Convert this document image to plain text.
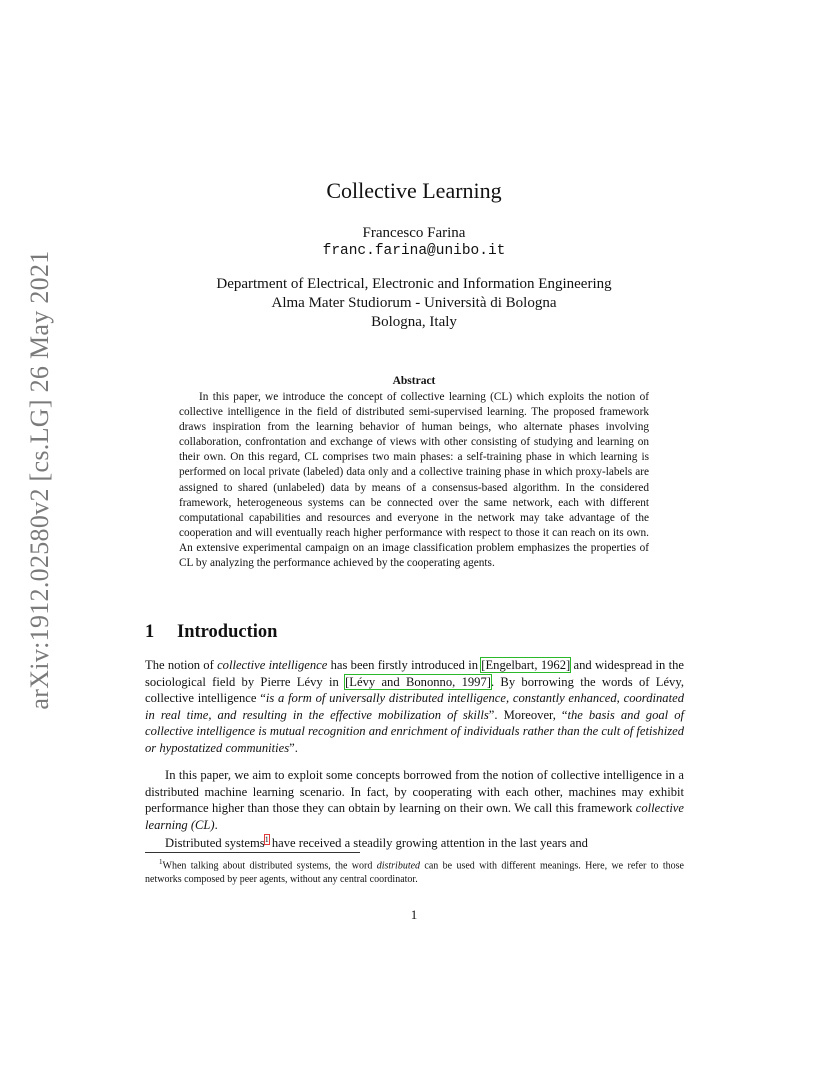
arXiv:1912.02580v2 [cs.LG] 26 May 2021
Collective Learning
Francesco Farina
franc.farina@unibo.it
Department of Electrical, Electronic and Information Engineering
Alma Mater Studiorum - Università di Bologna
Bologna, Italy
Abstract
In this paper, we introduce the concept of collective learning (CL) which exploits the notion of collective intelligence in the field of distributed semi-supervised learning. The proposed framework draws inspiration from the learning behavior of human beings, who alternate phases involving collaboration, confrontation and exchange of views with other consisting of studying and learning on their own. On this regard, CL comprises two main phases: a self-training phase in which learning is performed on local private (labeled) data only and a collective training phase in which proxy-labels are assigned to shared (unlabeled) data by means of a consensus-based algorithm. In the considered framework, heterogeneous systems can be connected over the same network, each with different computational capabilities and resources and everyone in the network may take advantage of the cooperation and will eventually reach higher performance with respect to those it can reach on its own. An extensive experimental campaign on an image classification problem emphasizes the properties of CL by analyzing the performance achieved by the cooperating agents.
1 Introduction
The notion of collective intelligence has been firstly introduced in [Engelbart, 1962] and widespread in the sociological field by Pierre Lévy in [Lévy and Bononno, 1997]. By borrowing the words of Lévy, collective intelligence “is a form of universally distributed intelligence, constantly enhanced, coordinated in real time, and resulting in the effective mobilization of skills”. Moreover, “the basis and goal of collective intelligence is mutual recognition and enrichment of individuals rather than the cult of fetishized or hypostatized communities”.
In this paper, we aim to exploit some concepts borrowed from the notion of collective intelligence in a distributed machine learning scenario. In fact, by cooperating with each other, machines may exhibit performance higher than those they can obtain by learning on their own. We call this framework collective learning (CL).
Distributed systems$^1$ have received a steadily growing attention in the last years and
$^1$When talking about distributed systems, the word distributed can be used with different meanings. Here, we refer to those networks composed by peer agents, without any central coordinator.
1
